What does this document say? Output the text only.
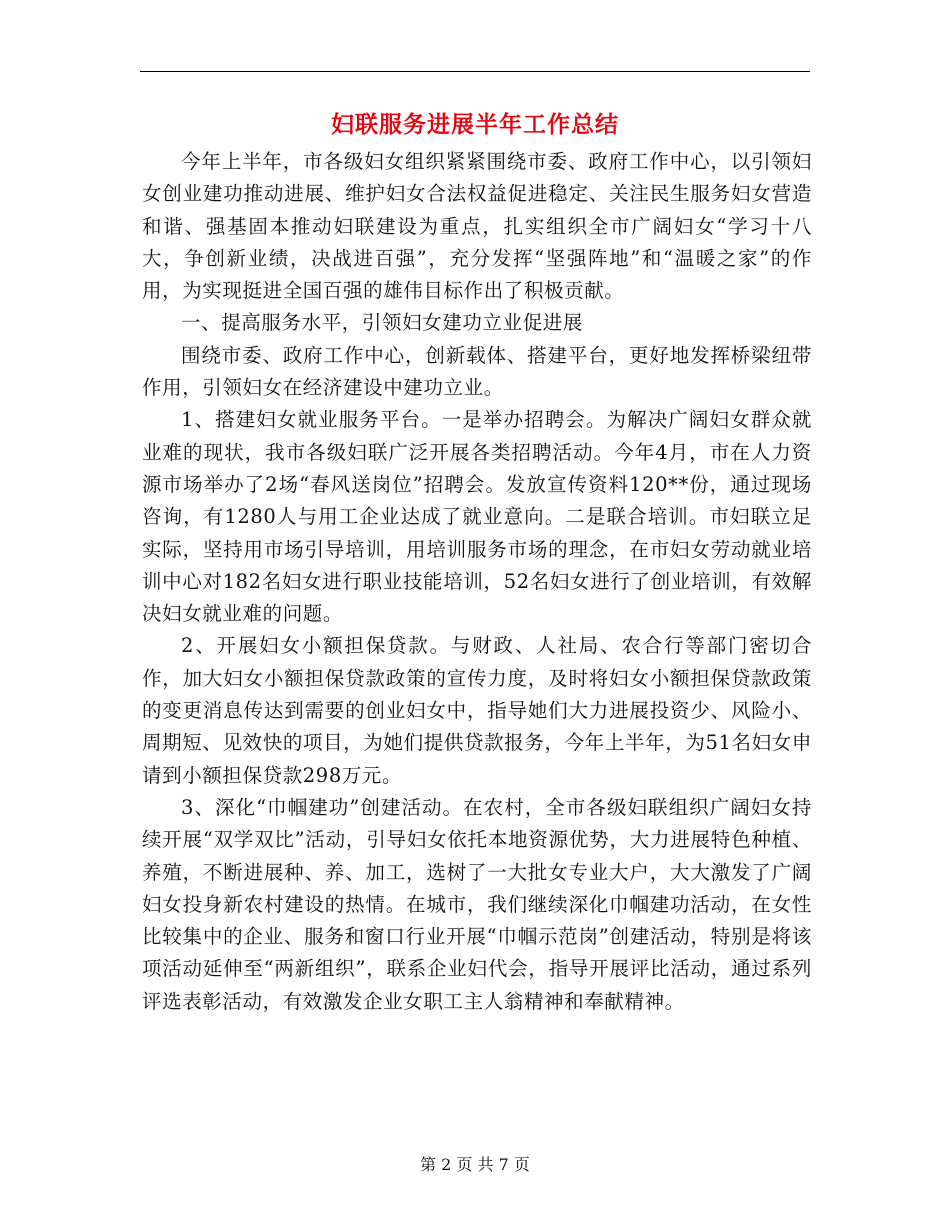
妇联服务进展半年工作总结

今年上半年，市各级妇女组织紧紧围绕市委、政府工作中心，以引领妇女创业建功推动进展、维护妇女合法权益促进稳定、关注民生服务妇女营造和谐、强基固本推动妇联建设为重点，扎实组织全市广阔妇女“学习十八大，争创新业绩，决战进百强”，充分发挥“坚强阵地”和“温暖之家”的作用，为实现挺进全国百强的雄伟目标作出了积极贡献。

一、提高服务水平，引领妇女建功立业促进展

围绕市委、政府工作中心，创新载体、搭建平台，更好地发挥桥梁纽带作用，引领妇女在经济建设中建功立业。

1、搭建妇女就业服务平台。一是举办招聘会。为解决广阔妇女群众就业难的现状，我市各级妇联广泛开展各类招聘活动。今年4月，市在人力资源市场举办了2场“春风送岗位”招聘会。发放宣传资料120**份，通过现场咨询，有1280人与用工企业达成了就业意向。二是联合培训。市妇联立足实际，坚持用市场引导培训，用培训服务市场的理念，在市妇女劳动就业培训中心对182名妇女进行职业技能培训，52名妇女进行了创业培训，有效解决妇女就业难的问题。

2、开展妇女小额担保贷款。与财政、人社局、农合行等部门密切合作，加大妇女小额担保贷款政策的宣传力度，及时将妇女小额担保贷款政策的变更消息传达到需要的创业妇女中，指导她们大力进展投资少、风险小、周期短、见效快的项目，为她们提供贷款报务，今年上半年，为51名妇女申请到小额担保贷款298万元。

3、深化“巾帼建功”创建活动。在农村，全市各级妇联组织广阔妇女持续开展“双学双比”活动，引导妇女依托本地资源优势，大力进展特色种植、养殖，不断进展种、养、加工，选树了一大批女专业大户，大大激发了广阔妇女投身新农村建设的热情。在城市，我们继续深化巾帼建功活动，在女性比较集中的企业、服务和窗口行业开展“巾帼示范岗”创建活动，特别是将该项活动延伸至“两新组织”，联系企业妇代会，指导开展评比活动，通过系列评选表彰活动，有效激发企业女职工主人翁精神和奉献精神。

第 2 页 共 7 页
